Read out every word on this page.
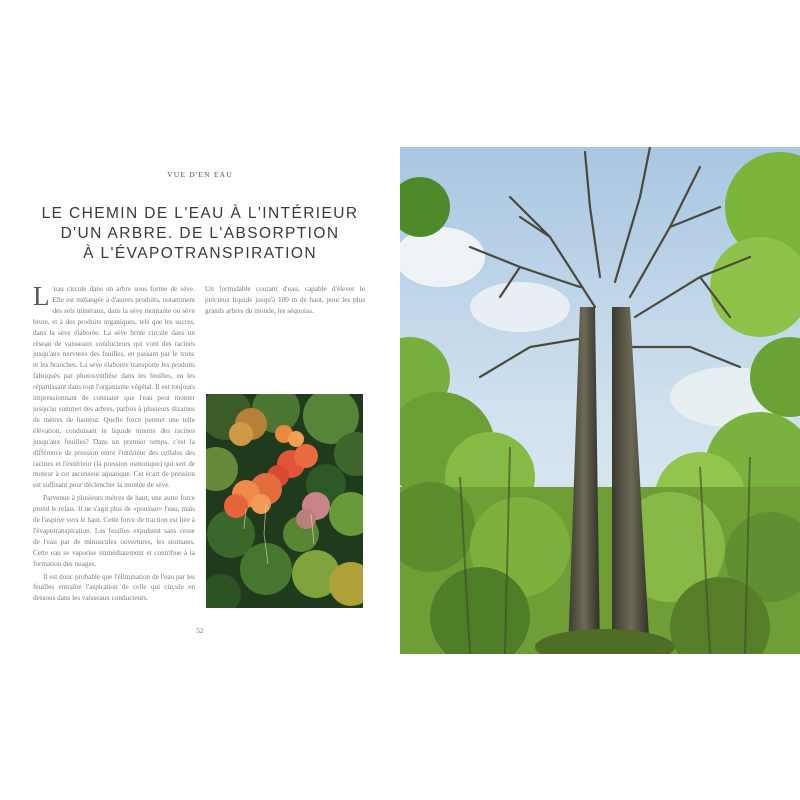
VUE D'EN EAU
LE CHEMIN DE L'EAU À L'INTÉRIEUR
D'UN ARBRE. DE L'ABSORPTION
À L'ÉVAPOTRANSPIRATION

L 'eau circule dans un arbre sous forme de sève. Elle est mélangée à d'autres produits, notamment des sels minéraux, dans la sève montante ou sève brute, et à des produits organiques, tels que les sucres, dans la sève élaborée. La sève brute circule dans un réseau de vaisseaux conducteurs qui vont des racines jusqu'aux nervures des feuilles, en passant par le tronc et les branches. La sève élaborée transporte les produits fabriqués par photosynthèse dans les feuilles, en les répartissant dans tout l'organisme végétal. Il est toujours impressionnant de constater que l'eau peut monter jusqu'au sommet des arbres, parfois à plusieurs dizaines de mètres de hauteur. Quelle force permet une telle élévation, conduisant le liquide interne des racines jusqu'aux feuilles? Dans un premier temps, c'est la différence de pression entre l'intérieur des cellules des racines et l'extérieur (la pression osmotique) qui sert de moteur à cet ascenseur aquatique. Cet écart de pression est suffisant pour déclencher la montée de sève.

Parvenue à plusieurs mètres de haut, une autre force prend le relais. Il ne s'agit plus de «pousser» l'eau, mais de l'aspirer vers le haut. Cette force de traction est liée à l'évapotranspiration. Les feuilles expulsent sans cesse de l'eau par de minuscules ouvertures, les stomates. Cette eau se vaporise immédiatement et contribue à la formation des nuages.

Il est donc probable que l'élimination de l'eau par les feuilles entraîne l'aspiration de celle qui circule en dessous dans les vaisseaux conducteurs.

Un formidable courant d'eau, capable d'élever le précieux liquide jusqu'à 100 m de haut, pour les plus grands arbres du monde, les séquoias.
52
